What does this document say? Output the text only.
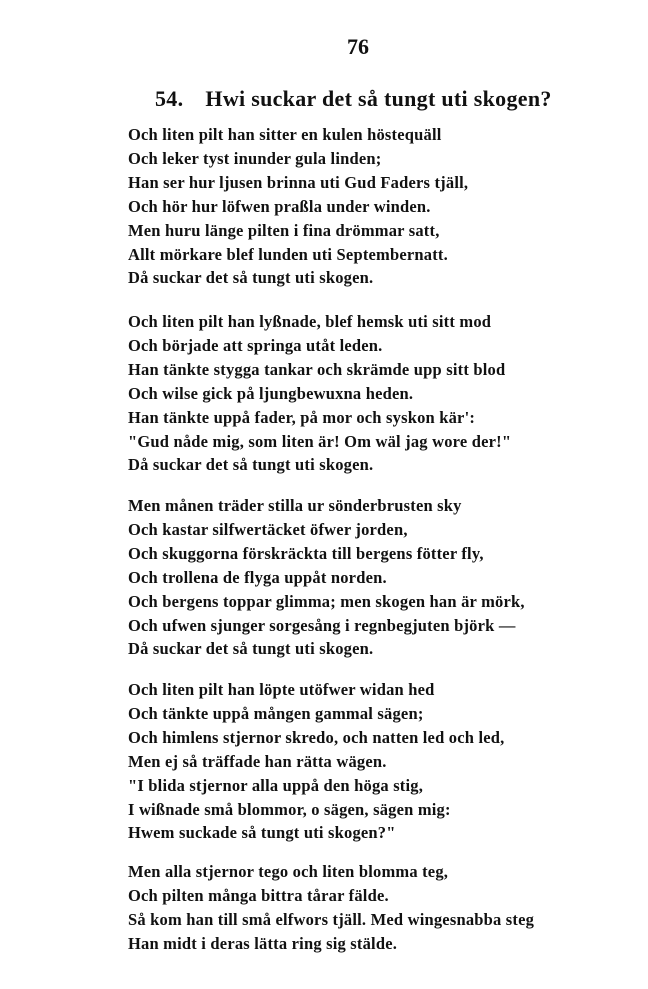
76
54. Hwi suckar det så tungt uti skogen?
Och liten pilt han sitter en kulen höstequäll
Och leker tyst inunder gula linden;
Han ser hur ljusen brinna uti Gud Faders tjäll,
Och hör hur löfwen praßla under winden.
Men huru länge pilten i fina drömmar satt,
Allt mörkare blef lunden uti Septembernatt.
Då suckar det så tungt uti skogen.
Och liten pilt han lyßnade, blef hemsk uti sitt mod
Och började att springa utåt leden.
Han tänkte stygga tankar och skrämde upp sitt blod
Och wilse gick på ljungbewuxna heden.
Han tänkte uppå fader, på mor och syskon kär':
"Gud nåde mig, som liten är! Om wäl jag wore der!"
Då suckar det så tungt uti skogen.
Men månen träder stilla ur sönderbrusten sky
Och kastar silfwertäcket öfwer jorden,
Och skuggorna förskräckta till bergens fötter fly,
Och trollena de flyga uppåt norden.
Och bergens toppar glimma; men skogen han är mörk,
Och ufwen sjunger sorgesång i regnbegjuten björk —
Då suckar det så tungt uti skogen.
Och liten pilt han löpte utöfwer widan hed
Och tänkte uppå mången gammal sägen;
Och himlens stjernor skredo, och natten led och led,
Men ej så träffade han rätta wägen.
"I blida stjernor alla uppå den höga stig,
I wißnade små blommor, o sägen, sägen mig:
Hwem suckade så tungt uti skogen?"
Men alla stjernor tego och liten blomma teg,
Och pilten många bittra tårar fälde.
Så kom han till små elfwors tjäll. Med wingesnabba steg
Han midt i deras lätta ring sig stälde.
